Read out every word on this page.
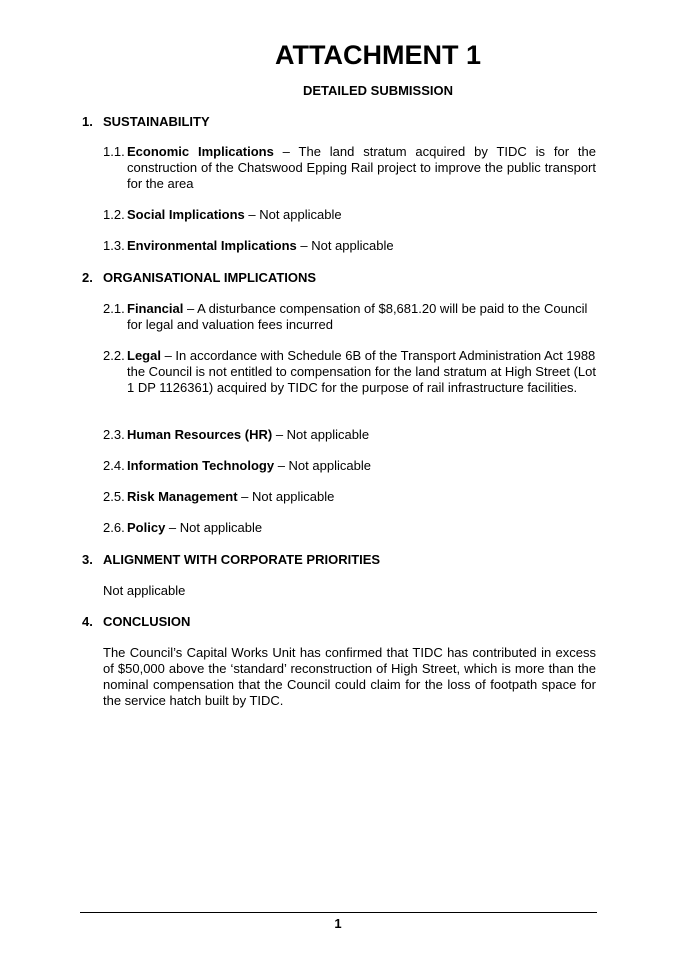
ATTACHMENT 1
DETAILED SUBMISSION
1. SUSTAINABILITY
1.1. Economic Implications – The land stratum acquired by TIDC is for the construction of the Chatswood Epping Rail project to improve the public transport for the area
1.2. Social Implications – Not applicable
1.3. Environmental Implications – Not applicable
2. ORGANISATIONAL IMPLICATIONS
2.1. Financial – A disturbance compensation of $8,681.20 will be paid to the Council for legal and valuation fees incurred
2.2. Legal – In accordance with Schedule 6B of the Transport Administration Act 1988 the Council is not entitled to compensation for the land stratum at High Street (Lot 1 DP 1126361) acquired by TIDC for the purpose of rail infrastructure facilities.
2.3. Human Resources (HR) – Not applicable
2.4. Information Technology – Not applicable
2.5. Risk Management – Not applicable
2.6. Policy – Not applicable
3. ALIGNMENT WITH CORPORATE PRIORITIES
Not applicable
4. CONCLUSION
The Council’s Capital Works Unit has confirmed that TIDC has contributed in excess of $50,000 above the ‘standard’ reconstruction of High Street, which is more than the nominal compensation that the Council could claim for the loss of footpath space for the service hatch built by TIDC.
1
